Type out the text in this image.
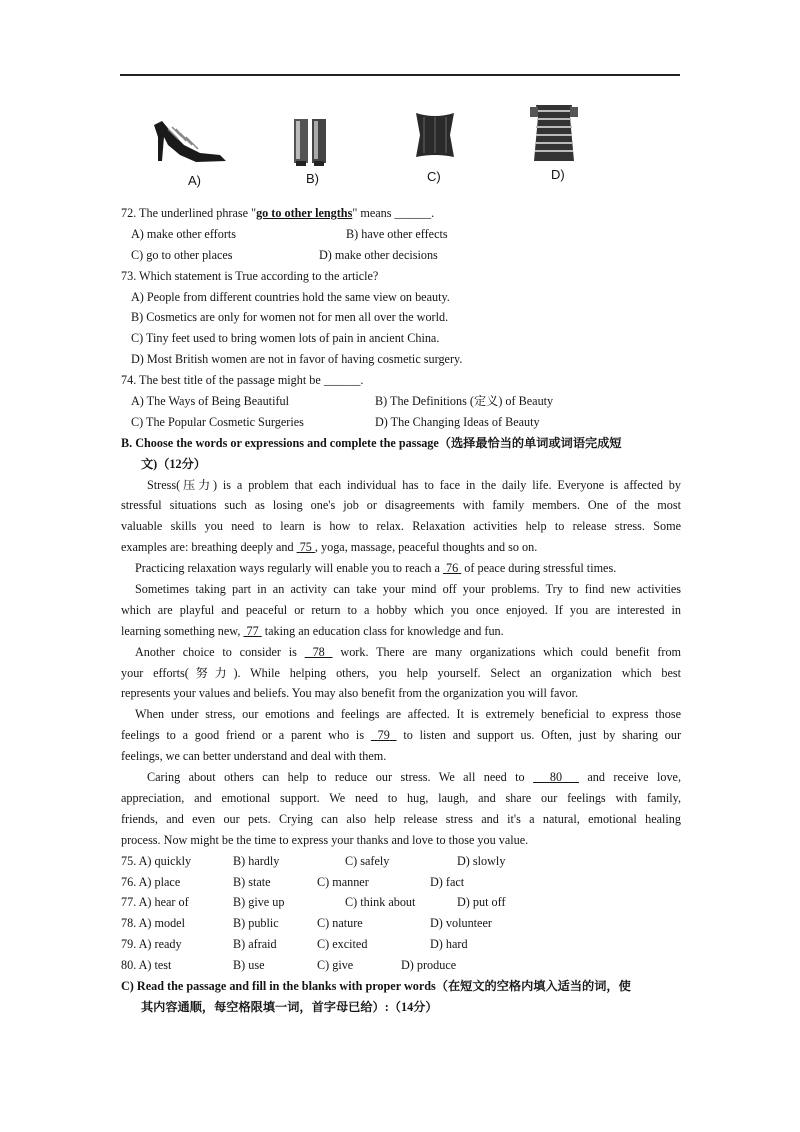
A)	B)	C)	D)
72. The underlined phrase "go to other lengths" means ______.
A) make other efforts	B) have other effects
C) go to other places	D) make other decisions
73. Which statement is True according to the article?
A) People from different countries hold the same view on beauty.
B) Cosmetics are only for women not for men all over the world.
C) Tiny feet used to bring women lots of pain in ancient China.
D) Most British women are not in favor of having cosmetic surgery.
74. The best title of the passage might be ______.
A) The Ways of Being Beautiful	B) The Definitions (定义) of Beauty
C) The Popular Cosmetic Surgeries	D) The Changing Ideas of Beauty
B. Choose the words or expressions and complete the passage（选择最恰当的单词或词语完成短
文)（12分）
Stress(压力) is a problem that each individual has to face in the daily life. Everyone is affected by
stressful situations such as losing one's job or disagreements with family members. One of the most
valuable skills you need to learn is how to relax. Relaxation activities help to release stress. Some
examples are: breathing deeply and  75 , yoga, massage, peaceful thoughts and so on.
Practicing relaxation ways regularly will enable you to reach a  76  of peace during stressful times.
Sometimes taking part in an activity can take your mind off your problems. Try to find new activities
which are playful and peaceful or return to a hobby which you once enjoyed. If you are interested in
learning something new,  77  taking an education class for knowledge and fun.
Another choice to consider is  78  work. There are many organizations which could benefit from
your efforts(努力). While helping others, you help yourself. Select an organization which best
represents your values and beliefs. You may also benefit from the organization you will favor.
When under stress, our emotions and feelings are affected. It is extremely beneficial to express those
feelings to a good friend or a parent who is  79  to listen and support us. Often, just by sharing our
feelings, we can better understand and deal with them.
Caring about others can help to reduce our stress. We all need to   80   and receive love,
appreciation, and emotional support. We need to hug, laugh, and share our feelings with family,
friends, and even our pets. Crying can also help release stress and it's a natural, emotional healing
process. Now might be the time to express your thanks and love to those you value.
75. A) quickly	B) hardly	C) safely	D) slowly
76. A) place	B) state	C) manner	D) fact
77. A) hear of	B) give up	C) think about	D) put off
78. A) model	B) public	C) nature	D) volunteer
79. A) ready	B) afraid	C) excited	D) hard
80. A) test	B) use	C) give	D) produce
C) Read the passage and fill in the blanks with proper words（在短文的空格内填入适当的词，使
其内容通顺，每空格限填一词，首字母已给）:（14分）
